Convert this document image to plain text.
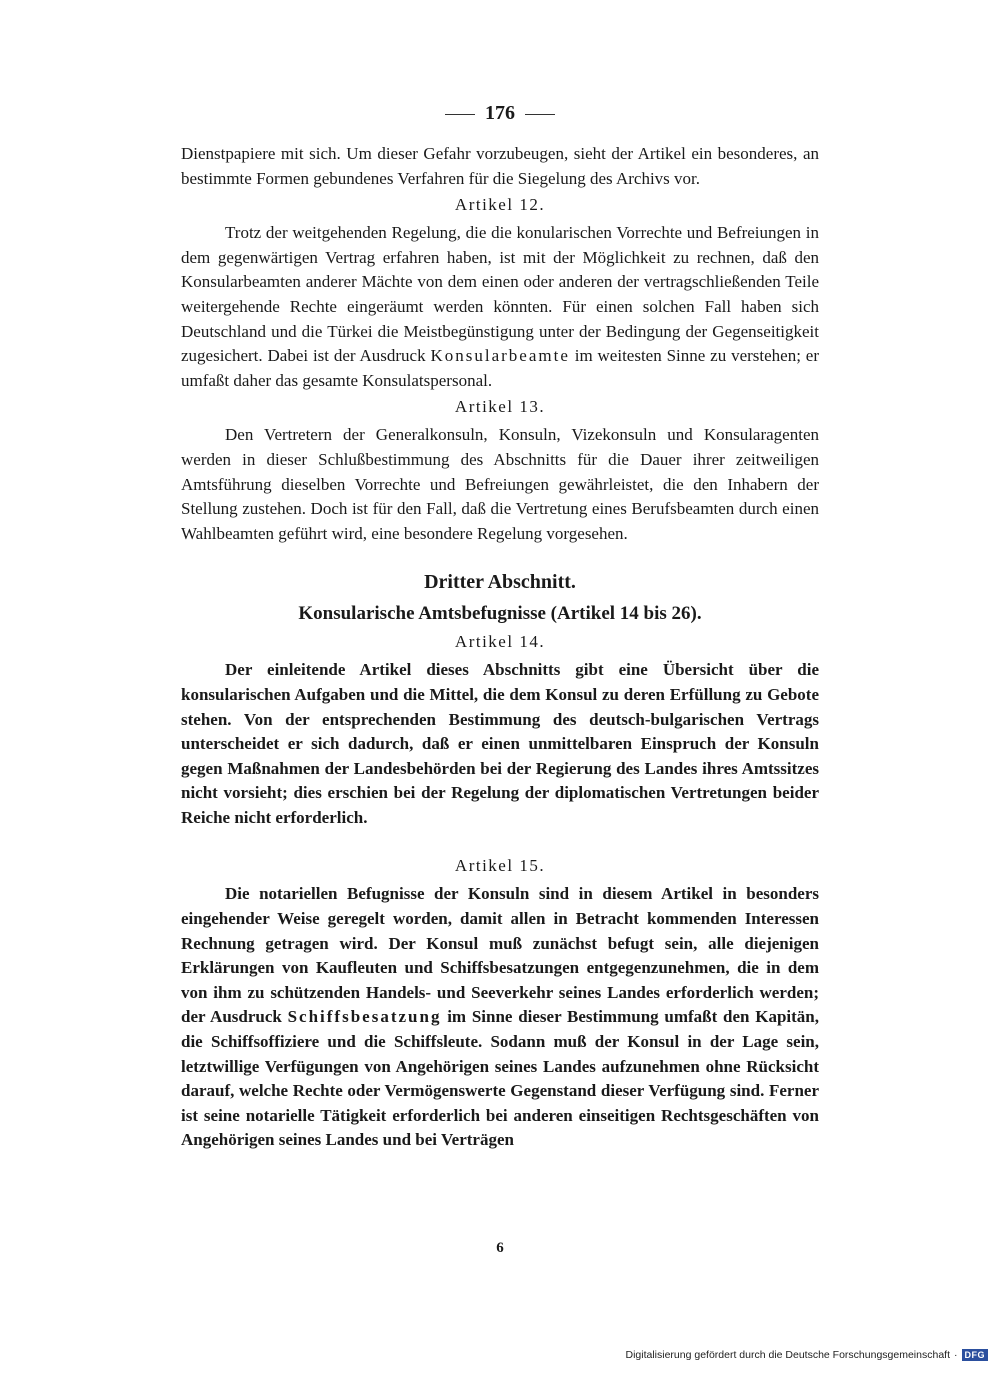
176

Dienstpapiere mit sich. Um dieser Gefahr vorzubeugen, sieht der Artikel ein besonderes, an bestimmte Formen gebundenes Verfahren für die Siegelung des Archivs vor.

Artikel 12.

Trotz der weitgehenden Regelung, die die konularischen Vorrechte und Befreiungen in dem gegenwärtigen Vertrag erfahren haben, ist mit der Möglichkeit zu rechnen, daß den Konsularbeamten anderer Mächte von dem einen oder anderen der vertragschließenden Teile weitergehende Rechte eingeräumt werden könnten. Für einen solchen Fall haben sich Deutschland und die Türkei die Meistbegünstigung unter der Bedingung der Gegenseitigkeit zugesichert. Dabei ist der Ausdruck Konsularbeamte im weitesten Sinne zu verstehen; er umfaßt daher das gesamte Konsulatspersonal.

Artikel 13.

Den Vertretern der Generalkonsuln, Konsuln, Vizekonsuln und Konsularagenten werden in dieser Schlußbestimmung des Abschnitts für die Dauer ihrer zeitweiligen Amtsführung dieselben Vorrechte und Befreiungen gewährleistet, die den Inhabern der Stellung zustehen. Doch ist für den Fall, daß die Vertretung eines Berufsbeamten durch einen Wahlbeamten geführt wird, eine besondere Regelung vorgesehen.

Dritter Abschnitt.
Konsularische Amtsbefugnisse (Artikel 14 bis 26).
Artikel 14.

Der einleitende Artikel dieses Abschnitts gibt eine Übersicht über die konsularischen Aufgaben und die Mittel, die dem Konsul zu deren Erfüllung zu Gebote stehen. Von der entsprechenden Bestimmung des deutsch-bulgarischen Vertrags unterscheidet er sich dadurch, daß er einen unmittelbaren Einspruch der Konsuln gegen Maßnahmen der Landesbehörden bei der Regierung des Landes ihres Amtssitzes nicht vorsieht; dies erschien bei der Regelung der diplomatischen Vertretungen beider Reiche nicht erforderlich.

Artikel 15.

Die notariellen Befugnisse der Konsuln sind in diesem Artikel in besonders eingehender Weise geregelt worden, damit allen in Betracht kommenden Interessen Rechnung getragen wird. Der Konsul muß zunächst befugt sein, alle diejenigen Erklärungen von Kaufleuten und Schiffsbesatzungen entgegenzunehmen, die in dem von ihm zu schützenden Handels- und Seeverkehr seines Landes erforderlich werden; der Ausdruck Schiffsbesatzung im Sinne dieser Bestimmung umfaßt den Kapitän, die Schiffsoffiziere und die Schiffsleute. Sodann muß der Konsul in der Lage sein, letztwillige Verfügungen von Angehörigen seines Landes aufzunehmen ohne Rücksicht darauf, welche Rechte oder Vermögenswerte Gegenstand dieser Verfügung sind. Ferner ist seine notarielle Tätigkeit erforderlich bei anderen einseitigen Rechtsgeschäften von Angehörigen seines Landes und bei Verträgen

6
Digitalisierung gefördert durch die Deutsche Forschungsgemeinschaft · DFG
